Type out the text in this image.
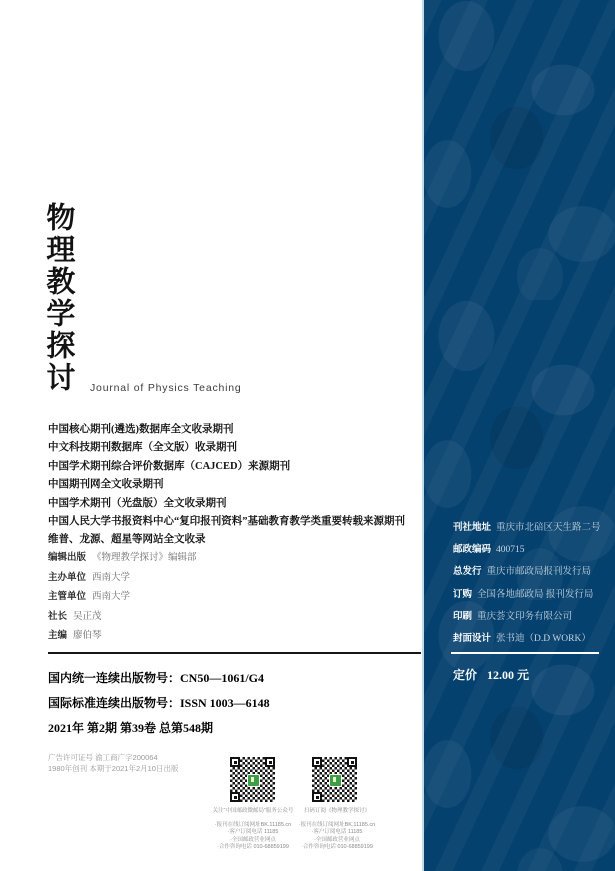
物理教学探讨 Journal of Physics Teaching
中国核心期刊(遴选)数据库全文收录期刊
中文科技期刊数据库（全文版）收录期刊
中国学术期刊综合评价数据库（CAJCED）来源期刊
中国期刊网全文收录期刊
中国学术期刊（光盘版）全文收录期刊
中国人民大学书报资料中心“复印报刊资料”基础教育教学类重要转载来源期刊
维普、龙源、超星等网站全文收录
编辑出版 《物理教学探讨》编辑部
主办单位 西南大学
主管单位 西南大学
社长 吴正茂
主编 廖伯琴
国内统一连续出版物号：CN50—1061/G4
国际标准连续出版物号：ISSN 1003—6148
2021年 第2期 第39卷 总第548期
广告许可证号 渝工商广字200064
1980年创刊 本期于2021年2月10日出版
关注“中国邮政微邮局”服务公众号
·报刊在线订阅网址BK.11185.cn
·客户订阅电话 11185
·全国邮政营业网点
·合作咨询电话 010-68859199
扫码订阅《物理教学探讨》
·报刊在线订阅网址BK.11185.cn
·客户订阅电话 11185
·全国邮政营业网点
·合作咨询电话 010-68859199
刊社地址 重庆市北碚区天生路二号
邮政编码 400715
总发行 重庆市邮政局报刊发行局
订购 全国各地邮政局 报刊发行局
印刷 重庆荟文印务有限公司
封面设计 张书迪（D.D WORK）
定价 12.00 元
